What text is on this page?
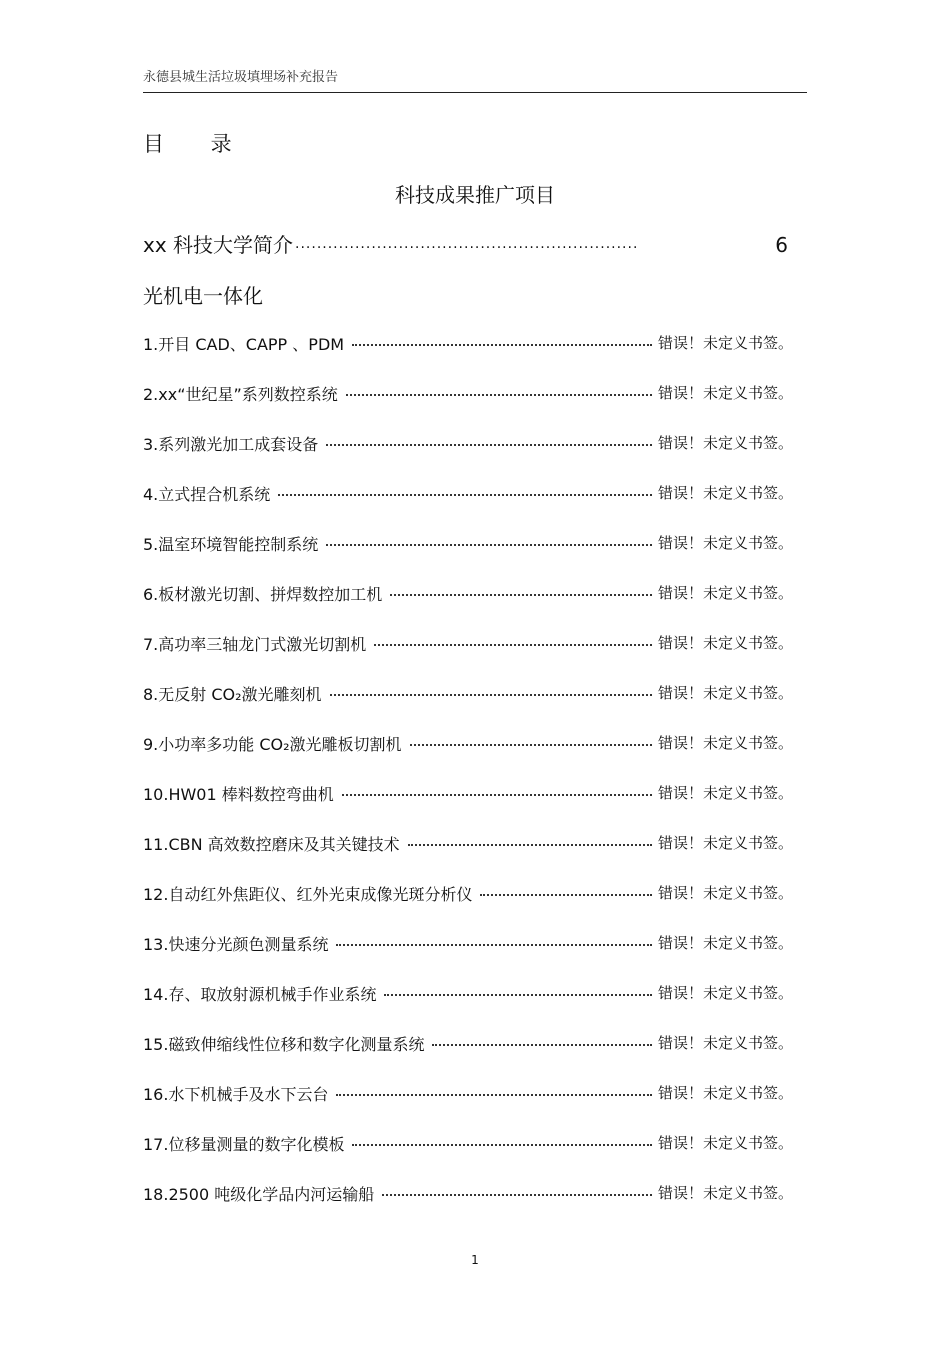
永德县城生活垃圾填埋场补充报告
目 录
科技成果推广项目
xx 科技大学简介 ·······························································	6
光机电一体化
1.开目 CAD、CAPP 、PDM	错误！未定义书签。
2.xx“世纪星”系列数控系统	错误！未定义书签。
3.系列激光加工成套设备	错误！未定义书签。
4.立式捏合机系统	错误！未定义书签。
5.温室环境智能控制系统	错误！未定义书签。
6.板材激光切割、拼焊数控加工机	错误！未定义书签。
7.高功率三轴龙门式激光切割机	错误！未定义书签。
8.无反射 CO₂激光雕刻机	错误！未定义书签。
9.小功率多功能 CO₂激光雕板切割机	错误！未定义书签。
10.HW01 棒料数控弯曲机	错误！未定义书签。
11.CBN 高效数控磨床及其关键技术	错误！未定义书签。
12.自动红外焦距仪、红外光束成像光斑分析仪	错误！未定义书签。
13.快速分光颜色测量系统	错误！未定义书签。
14.存、取放射源机械手作业系统	错误！未定义书签。
15.磁致伸缩线性位移和数字化测量系统	错误！未定义书签。
16.水下机械手及水下云台	错误！未定义书签。
17.位移量测量的数字化模板	错误！未定义书签。
18.2500 吨级化学品内河运输船	错误！未定义书签。
1
